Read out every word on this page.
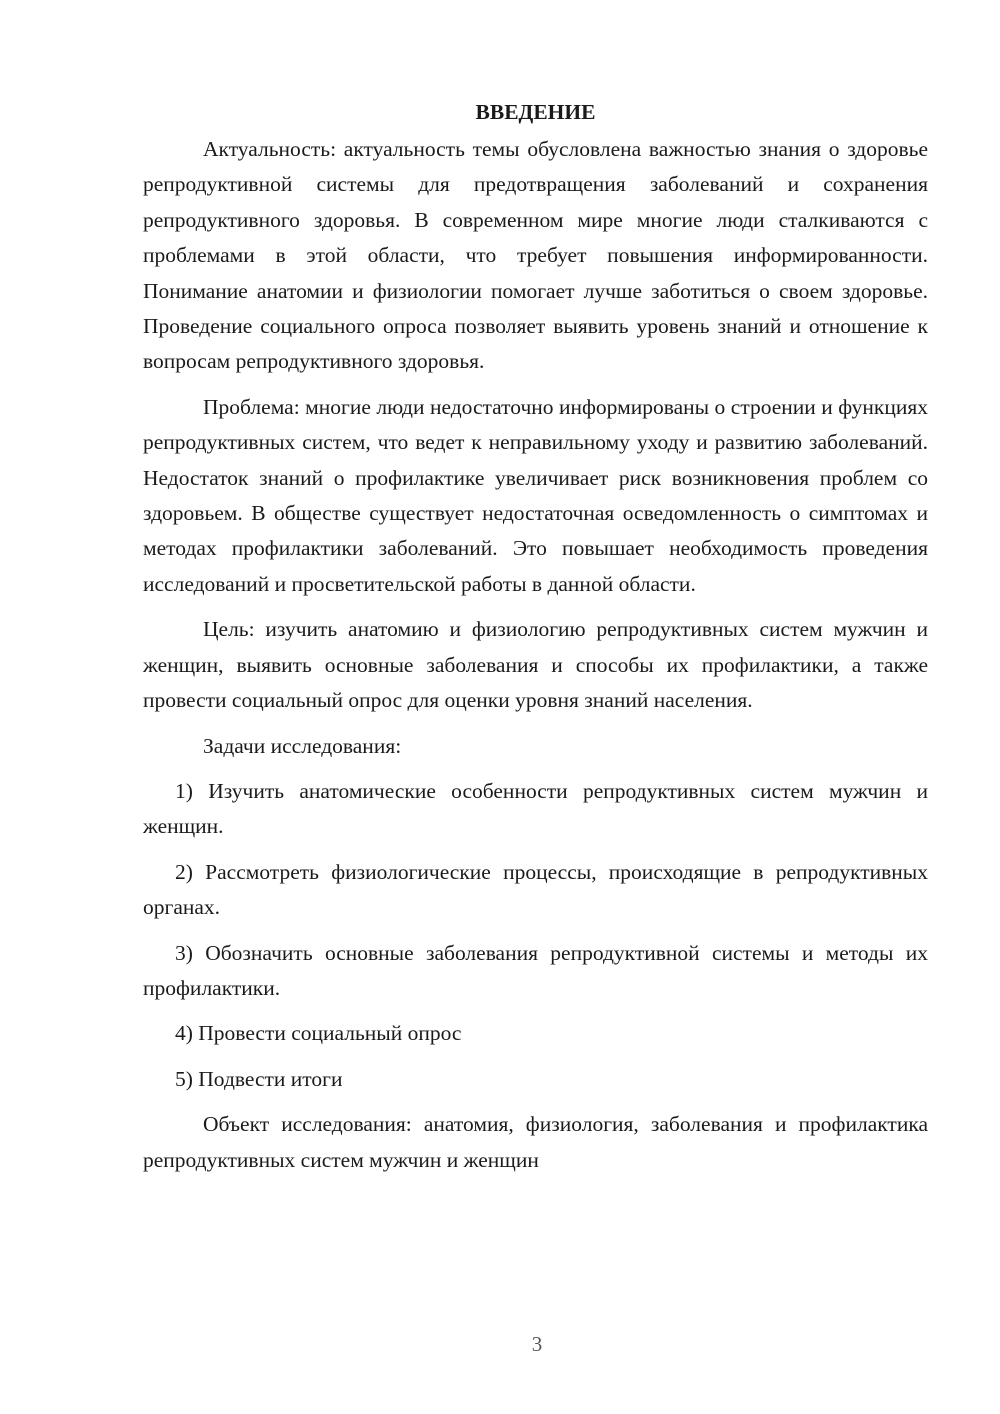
ВВЕДЕНИЕ

Актуальность: актуальность темы обусловлена важностью знания о здоровье репродуктивной системы для предотвращения заболеваний и сохранения репродуктивного здоровья. В современном мире многие люди сталкиваются с проблемами в этой области, что требует повышения информированности. Понимание анатомии и физиологии помогает лучше заботиться о своем здоровье. Проведение социального опроса позволяет выявить уровень знаний и отношение к вопросам репродуктивного здоровья.

Проблема: многие люди недостаточно информированы о строении и функциях репродуктивных систем, что ведет к неправильному уходу и развитию заболеваний. Недостаток знаний о профилактике увеличивает риск возникновения проблем со здоровьем. В обществе существует недостаточная осведомленность о симптомах и методах профилактики заболеваний. Это повышает необходимость проведения исследований и просветительской работы в данной области.

Цель: изучить анатомию и физиологию репродуктивных систем мужчин и женщин, выявить основные заболевания и способы их профилактики, а также провести социальный опрос для оценки уровня знаний населения.

Задачи исследования:

1) Изучить анатомические особенности репродуктивных систем мужчин и женщин.

2) Рассмотреть физиологические процессы, происходящие в репродуктивных органах.

3) Обозначить основные заболевания репродуктивной системы и методы их профилактики.

4) Провести социальный опрос

5) Подвести итоги

Объект исследования: анатомия, физиология, заболевания и профилактика репродуктивных систем мужчин и женщин

3
